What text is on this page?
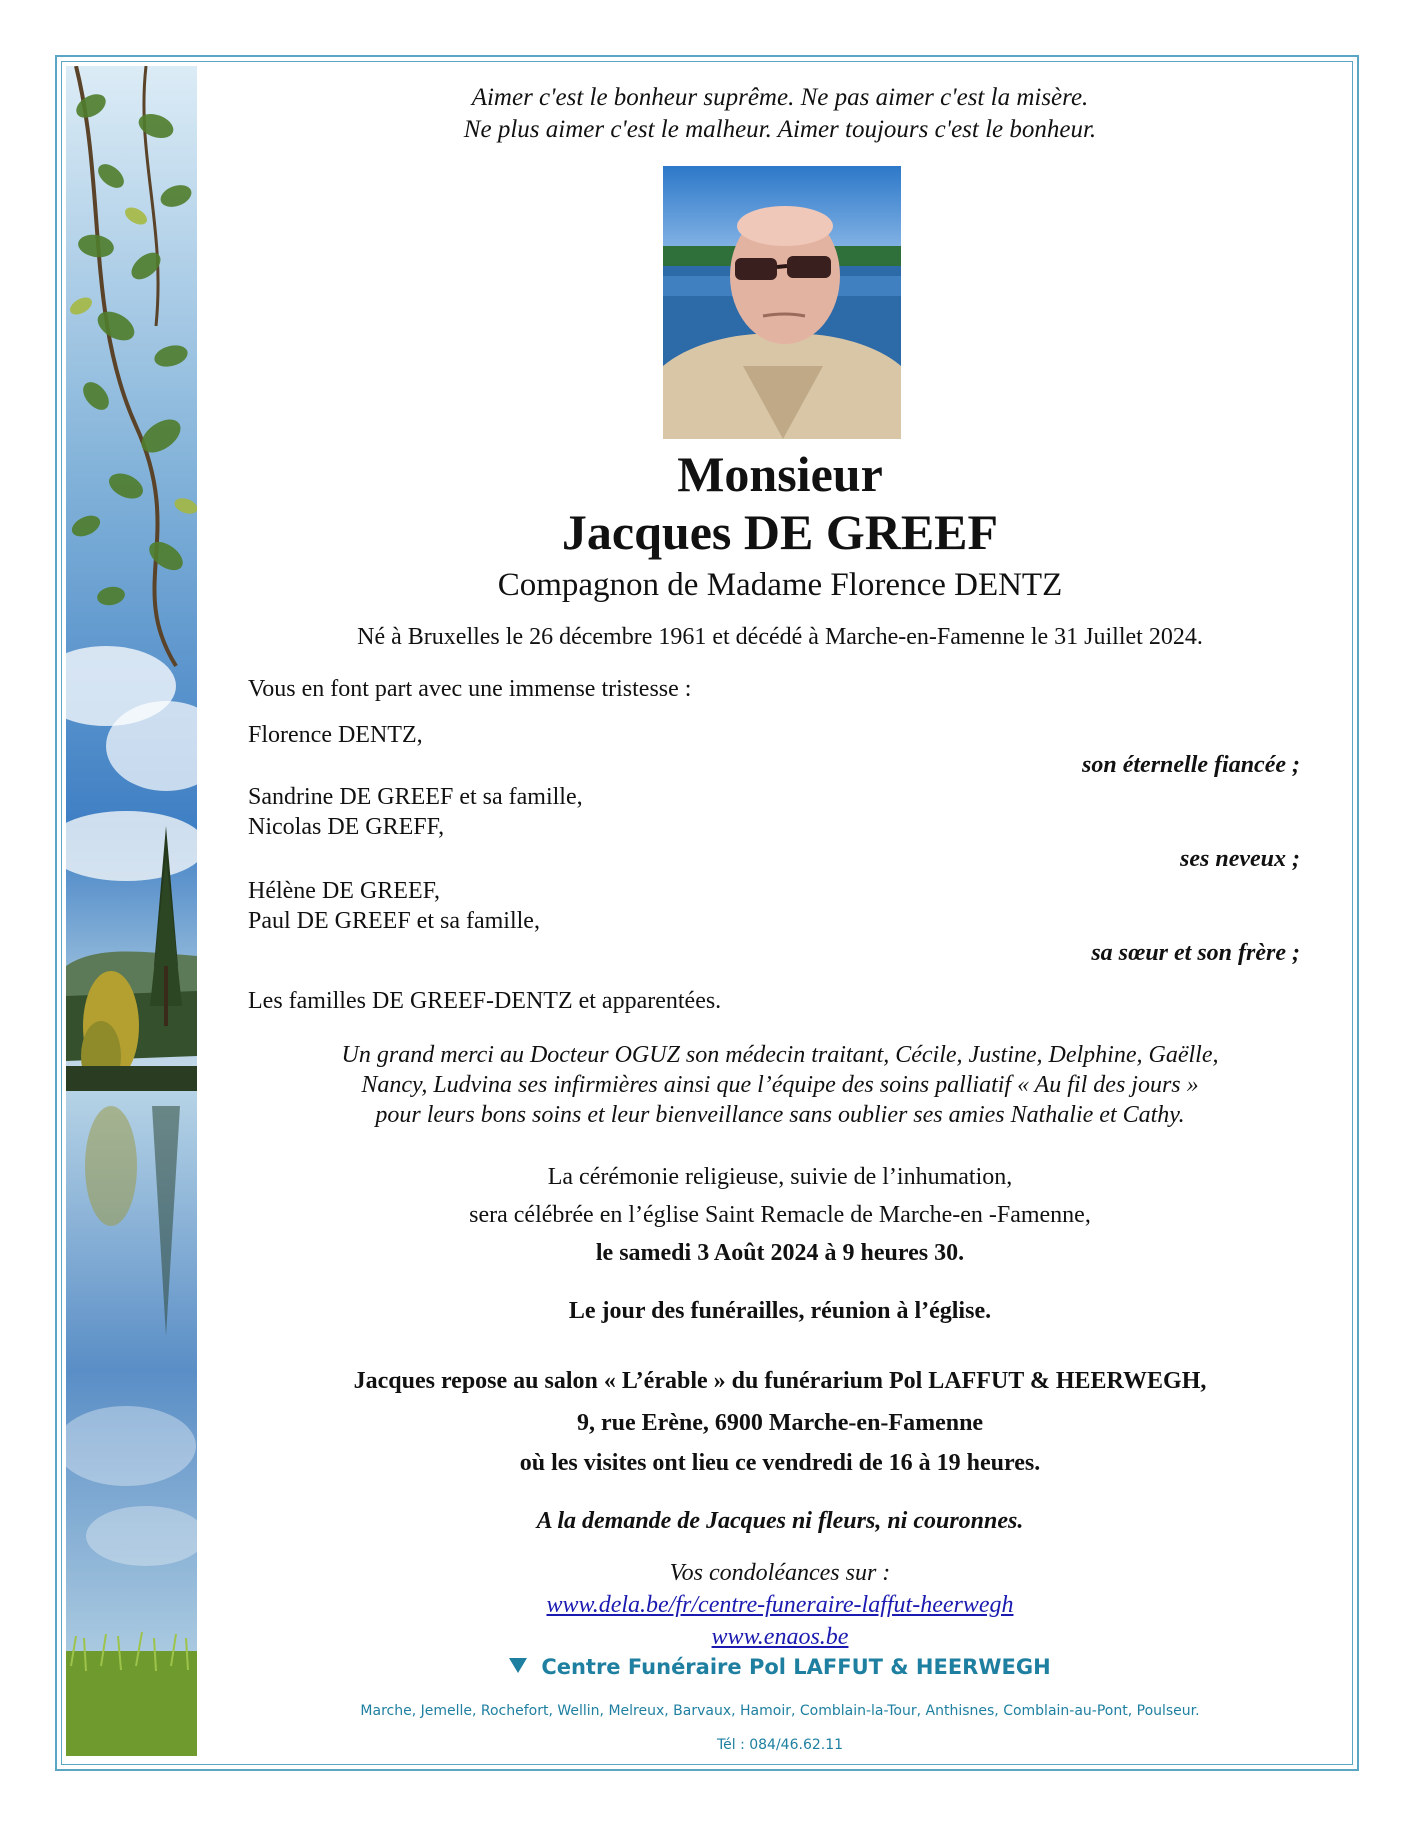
Aimer c'est le bonheur suprême. Ne pas aimer c'est la misère.
Ne plus aimer c'est le malheur. Aimer toujours c'est le bonheur.
Monsieur
Jacques DE GREEF
Compagnon de Madame Florence DENTZ
Né à Bruxelles le 26 décembre 1961 et décédé à Marche-en-Famenne le 31 Juillet 2024.
Vous en font part avec une immense tristesse :
Florence DENTZ,
son éternelle fiancée ;
Sandrine DE GREEF et sa famille,
Nicolas DE GREFF,
ses neveux ;
Hélène DE GREEF,
Paul DE GREEF et sa famille,
sa sœur et son frère ;
Les familles DE GREEF-DENTZ et apparentées.
Un grand merci au Docteur OGUZ son médecin traitant, Cécile, Justine, Delphine, Gaëlle,
Nancy, Ludvina ses infirmières ainsi que l’équipe des soins palliatif « Au fil des jours »
pour leurs bons soins et leur bienveillance sans oublier ses amies Nathalie et Cathy.
La cérémonie religieuse, suivie de l’inhumation,
sera célébrée en l’église Saint Remacle de Marche-en -Famenne,
le samedi 3 Août 2024 à 9 heures 30.
Le jour des funérailles, réunion à l’église.
Jacques repose au salon « L’érable » du funérarium Pol LAFFUT & HEERWEGH,
9, rue Erène, 6900 Marche-en-Famenne
où les visites ont lieu ce vendredi de 16 à 19 heures.
A la demande de Jacques ni fleurs, ni couronnes.
Vos condoléances sur :
www.dela.be/fr/centre-funeraire-laffut-heerwegh
www.enaos.be
Centre Funéraire Pol LAFFUT & HEERWEGH
Marche, Jemelle, Rochefort, Wellin, Melreux, Barvaux, Hamoir, Comblain-la-Tour, Anthisnes, Comblain-au-Pont, Poulseur.
Tél : 084/46.62.11
